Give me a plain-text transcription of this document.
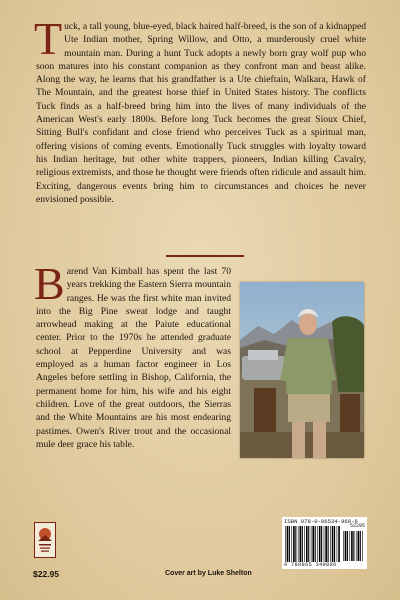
Tuck, a tall young, blue-eyed, black haired half-breed, is the son of a kidnapped Ute Indian mother, Spring Willow, and Otto, a murderously cruel white mountain man. During a hunt Tuck adopts a newly born gray wolf pup who soon matures into his constant companion as they confront man and beast alike. Along the way, he learns that his grandfather is a Ute chieftain, Walkara, Hawk of The Mountain, and the greatest horse thief in United States history. The conflicts Tuck finds as a half-breed bring him into the lives of many individuals of the American West's early 1800s. Before long Tuck becomes the great Sioux Chief, Sitting Bull's confidant and close friend who perceives Tuck as a spiritual man, offering visions of coming events. Emotionally Tuck struggles with loyalty toward his Indian heritage, but other white trappers, pioneers, Indian killing Cavalry, religious extremists, and those he thought were friends often ridicule and assault him. Exciting, dangerous events bring him to circumstances and choices he never envisioned possible.

Barend Van Kimball has spent the last 70 years trekking the Eastern Sierra mountain ranges. He was the first white man invited into the Big Pine sweat lodge and taught arrowhead making at the Paiute educational center. Prior to the 1970s he attended graduate school at Pepperdine University and was employed as a human factor engineer in Los Angeles before settling in Bishop, California, the permanent home for him, his wife and his eight children. Love of the great outdoors, the Sierras and the White Mountains are his most endearing pastimes. Owen's River trout and the occasional mule deer grace his table.

$22.95	Cover art by Luke Shelton
ISBN 978-0-86534-969-6
52295
9 780865 349896
